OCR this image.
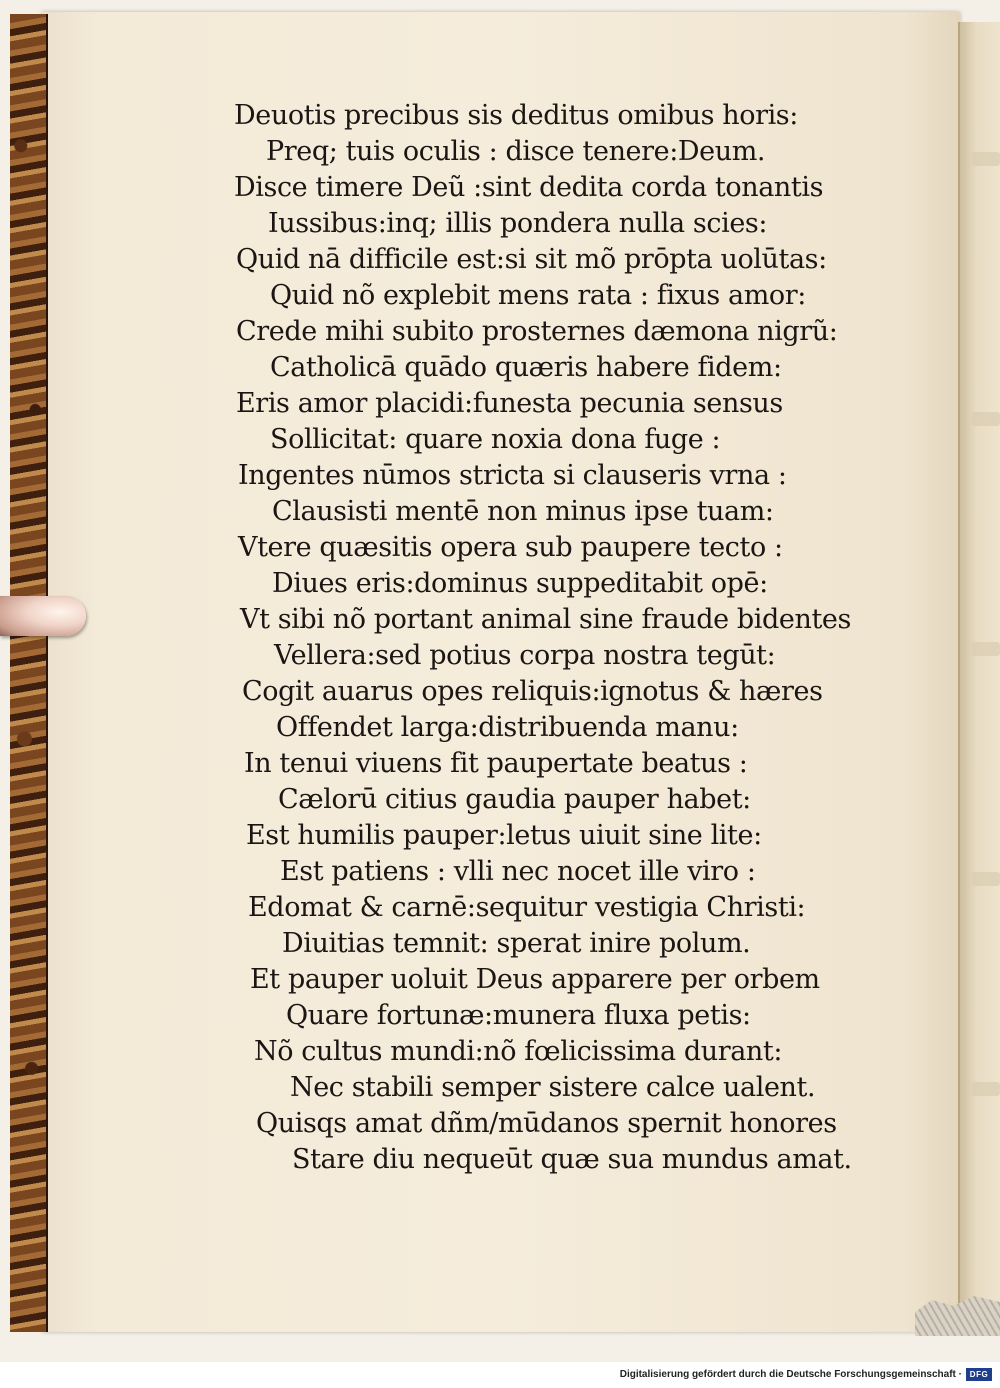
Deuotis precibus sis deditus omibus horis:

Preq; tuis oculis : disce tenere:Deum.

Disce timere Deũ :sint dedita corda tonantis

Iussibus:inq; illis pondera nulla scies:

Quid nā difficile est:si sit mõ prōpta uolūtas:

Quid nõ explebit mens rata : fixus amor:

Crede mihi subito prosternes dæmona nigrũ:

Catholicā quādo quæris habere fidem:

Eris amor placidi:funesta pecunia sensus

Sollicitat: quare noxia dona fuge :

Ingentes nūmos stricta si clauseris vrna :

Clausisti mentē non minus ipse tuam:

Vtere quæsitis opera sub paupere tecto :

Diues eris:dominus suppeditabit opē:

Vt sibi nõ portant animal sine fraude bidentes

Vellera:sed potius corpa nostra tegūt:

Cogit auarus opes reliquis:ignotus & hæres

Offendet larga:distribuenda manu:

In tenui viuens fit paupertate beatus :

Cælorū citius gaudia pauper habet:

Est humilis pauper:letus uiuit sine lite:

Est patiens : vlli nec nocet ille viro :

Edomat & carnē:sequitur vestigia Christi:

Diuitias temnit: sperat inire polum.

Et pauper uoluit Deus apparere per orbem

Quare fortunæ:munera fluxa petis:

Nõ cultus mundi:nõ fœlicissima durant:

Nec stabili semper sistere calce ualent.

Quisqs amat dñm/mūdanos spernit honores

Stare diu nequeūt quæ sua mundus amat.

Digitalisierung gefördert durch die Deutsche Forschungsgemeinschaft · DFG
